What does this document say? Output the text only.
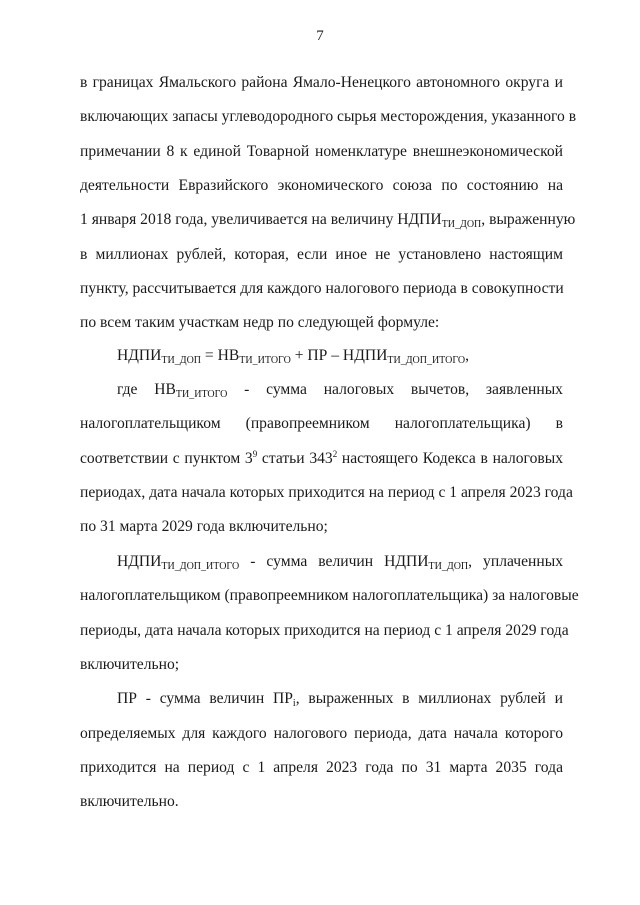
7
в границах Ямальского района Ямало-Ненецкого автономного округа и
включающих запасы углеводородного сырья месторождения, указанного в
примечании 8 к единой Товарной номенклатуре внешнеэкономической
деятельности Евразийского экономического союза по состоянию на
1 января 2018 года, увеличивается на величину $НДПИ_{ТИ\_ДОП}$, выраженную
в миллионах рублей, которая, если иное не установлено настоящим
пункту, рассчитывается для каждого налогового периода в совокупности
по всем таким участкам недр по следующей формуле:
$НДПИ_{ТИ\_ДОП} = НВ_{ТИ\_ИТОГО}$ + ПР – $НДПИ_{ТИ\_ДОП\_ИТОГО}$,
где $НВ_{ТИ\_ИТОГО}$ - сумма налоговых вычетов, заявленных
налогоплательщиком (правопреемником налогоплательщика) в
соответствии с пунктом $3^9$ статьи $343^2$ настоящего Кодекса в налоговых
периодах, дата начала которых приходится на период с 1 апреля 2023 года
по 31 марта 2029 года включительно;
$НДПИ_{ТИ\_ДОП\_ИТОГО}$ - сумма величин $НДПИ_{ТИ\_ДОП}$, уплаченных
налогоплательщиком (правопреемником налогоплательщика) за налоговые
периоды, дата начала которых приходится на период с 1 апреля 2029 года
включительно;
ПР - сумма величин $ПР_i$, выраженных в миллионах рублей и
определяемых для каждого налогового периода, дата начала которого
приходится на период с 1 апреля 2023 года по 31 марта 2035 года
включительно.
